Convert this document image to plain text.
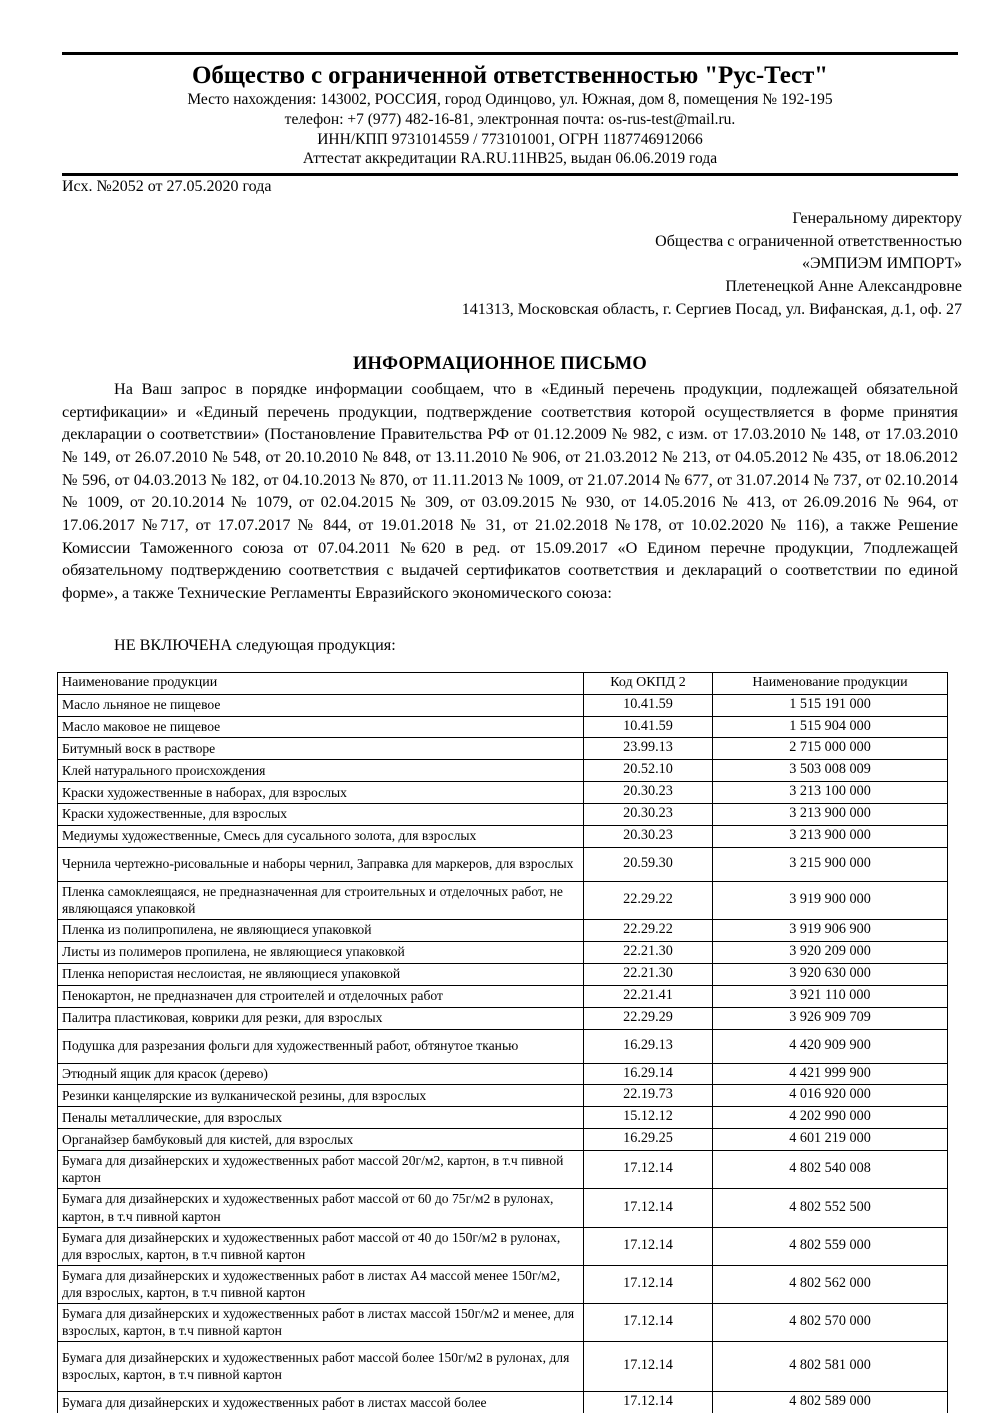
Общество с ограниченной ответственностью "Рус-Тест"
Место нахождения: 143002, РОССИЯ, город Одинцово, ул. Южная, дом 8, помещения № 192-195
телефон: +7 (977) 482-16-81, электронная почта: os-rus-test@mail.ru.
ИНН/КПП 9731014559 / 773101001, ОГРН 1187746912066
Аттестат аккредитации RA.RU.11НВ25, выдан 06.06.2019 года
Исх. №2052 от 27.05.2020 года
Генеральному директору
Общества с ограниченной ответственностью
«ЭМПИЭМ ИМПОРТ»
Плетенецкой Анне Александровне
141313, Московская область, г. Сергиев Посад, ул. Вифанская, д.1, оф. 27
ИНФОРМАЦИОННОЕ ПИСЬМО

На Ваш запрос в порядке информации сообщаем, что в «Единый перечень продукции, подлежащей обязательной сертификации» и «Единый перечень продукции, подтверждение соответствия которой осуществляется в форме принятия декларации о соответствии» (Постановление Правительства РФ от 01.12.2009 № 982, с изм. от 17.03.2010 № 148, от 17.03.2010 № 149, от 26.07.2010 № 548, от 20.10.2010 № 848, от 13.11.2010 № 906, от 21.03.2012 № 213, от 04.05.2012 № 435, от 18.06.2012 № 596, от 04.03.2013 № 182, от 04.10.2013 № 870, от 11.11.2013 № 1009, от 21.07.2014 № 677, от 31.07.2014 № 737, от 02.10.2014 № 1009, от 20.10.2014 № 1079, от 02.04.2015 № 309, от 03.09.2015 № 930, от 14.05.2016 № 413, от 26.09.2016 № 964, от 17.06.2017 №717, от 17.07.2017 № 844, от 19.01.2018 № 31, от 21.02.2018 №178, от 10.02.2020 № 116), а также Решение Комиссии Таможенного союза от 07.04.2011 №620 в ред. от 15.09.2017 «О Едином перечне продукции, 7подлежащей обязательному подтверждению соответствия с выдачей сертификатов соответствия и деклараций о соответствии по единой форме», а также Технические Регламенты Евразийского экономического союза:

НЕ ВКЛЮЧЕНА следующая продукция:
Наименование продукции	Код ОКПД 2	Наименование продукции
Масло льняное не пищевое	10.41.59	1 515 191 000
Масло маковое не пищевое	10.41.59	1 515 904 000
Битумный воск в растворе	23.99.13	2 715 000 000
Клей натурального происхождения	20.52.10	3 503 008 009
Краски художественные в наборах, для взрослых	20.30.23	3 213 100 000
Краски художественные, для взрослых	20.30.23	3 213 900 000
Медиумы художественные, Смесь для сусального золота, для взрослых	20.30.23	3 213 900 000
Чернила чертежно-рисовальные и наборы чернил, Заправка для маркеров, для взрослых	20.59.30	3 215 900 000
Пленка самоклеящаяся, не предназначенная для строительных и отделочных работ, не являющаяся упаковкой	22.29.22	3 919 900 000
Пленка из полипропилена, не являющиеся упаковкой	22.29.22	3 919 906 900
Листы из полимеров пропилена, не являющиеся упаковкой	22.21.30	3 920 209 000
Пленка непористая неслоистая, не являющиеся упаковкой	22.21.30	3 920 630 000
Пенокартон, не предназначен для строителей и отделочных работ	22.21.41	3 921 110 000
Палитра пластиковая, коврики для резки, для взрослых	22.29.29	3 926 909 709
Подушка для разрезания фольги для художественный работ, обтянутое тканью	16.29.13	4 420 909 900
Этюдный ящик для красок (дерево)	16.29.14	4 421 999 900
Резинки канцелярские из вулканической резины, для взрослых	22.19.73	4 016 920 000
Пеналы металлические, для взрослых	15.12.12	4 202 990 000
Органайзер бамбуковый для кистей, для взрослых	16.29.25	4 601 219 000
Бумага для дизайнерских и художественных работ массой 20г/м2, картон, в т.ч пивной картон	17.12.14	4 802 540 008
Бумага для дизайнерских и художественных работ массой от 60 до 75г/м2 в рулонах, картон, в т.ч пивной картон	17.12.14	4 802 552 500
Бумага для дизайнерских и художественных работ массой от 40 до 150г/м2 в рулонах, для взрослых, картон, в т.ч пивной картон	17.12.14	4 802 559 000
Бумага для дизайнерских и художественных работ в листах А4 массой менее 150г/м2, для взрослых, картон, в т.ч пивной картон	17.12.14	4 802 562 000
Бумага для дизайнерских и художественных работ в листах массой 150г/м2 и менее, для взрослых, картон, в т.ч пивной картон	17.12.14	4 802 570 000
Бумага для дизайнерских и художественных работ массой более 150г/м2 в рулонах, для взрослых, картон, в т.ч пивной картон	17.12.14	4 802 581 000
Бумага для дизайнерских и художественных работ в листах массой более	17.12.14	4 802 589 000
